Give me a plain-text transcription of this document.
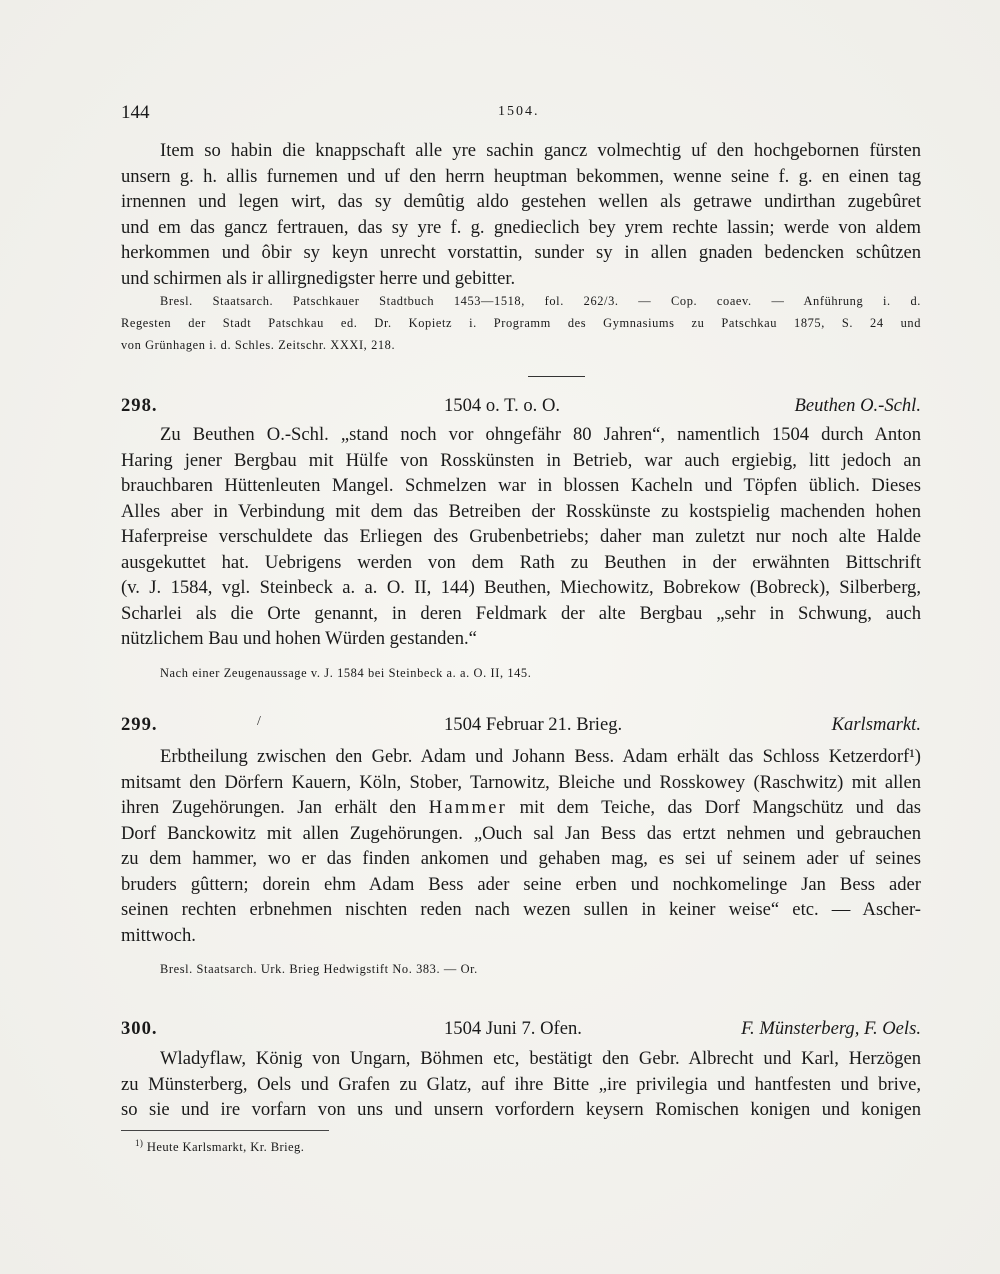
144	1504.
Item so habin die knappschaft alle yre sachin gancz volmechtig uf den hochgebornen fürsten
unsern g. h. allis furnemen und uf den herrn heuptman bekommen, wenne seine f. g. en einen tag
irnennen und legen wirt, das sy demûtig aldo gestehen wellen als getrawe undirthan zugebûret
und em das gancz fertrauen, das sy yre f. g. gnedieclich bey yrem rechte lassin; werde von aldem
herkommen und ôbir sy keyn unrecht vorstattin, sunder sy in allen gnaden bedencken schûtzen
und schirmen als ir allirgnedigster herre und gebitter.
Bresl. Staatsarch. Patschkauer Stadtbuch 1453—1518, fol. 262/3. — Cop. coaev. — Anführung i. d.
Regesten der Stadt Patschkau ed. Dr. Kopietz i. Programm des Gymnasiums zu Patschkau 1875, S. 24 und
von Grünhagen i. d. Schles. Zeitschr. XXXI, 218.
298.	1504 o. T. o. O.	Beuthen O.-Schl.
Zu Beuthen O.-Schl. „stand noch vor ohngefähr 80 Jahren“, namentlich 1504 durch Anton
Haring jener Bergbau mit Hülfe von Rosskünsten in Betrieb, war auch ergiebig, litt jedoch an
brauchbaren Hüttenleuten Mangel. Schmelzen war in blossen Kacheln und Töpfen üblich. Dieses
Alles aber in Verbindung mit dem das Betreiben der Rosskünste zu kostspielig machenden hohen
Haferpreise verschuldete das Erliegen des Grubenbetriebs; daher man zuletzt nur noch alte Halde
ausgekuttet hat. Uebrigens werden von dem Rath zu Beuthen in der erwähnten Bittschrift
(v. J. 1584, vgl. Steinbeck a. a. O. II, 144) Beuthen, Miechowitz, Bobrekow (Bobreck), Silberberg,
Scharlei als die Orte genannt, in deren Feldmark der alte Bergbau „sehr in Schwung, auch
nützlichem Bau und hohen Würden gestanden.“
Nach einer Zeugenaussage v. J. 1584 bei Steinbeck a. a. O. II, 145.
299.	/	1504 Februar 21. Brieg.	Karlsmarkt.
Erbtheilung zwischen den Gebr. Adam und Johann Bess. Adam erhält das Schloss Ketzerdorf¹)
mitsamt den Dörfern Kauern, Köln, Stober, Tarnowitz, Bleiche und Rosskowey (Raschwitz) mit allen
ihren Zugehörungen. Jan erhält den Hammer mit dem Teiche, das Dorf Mangschütz und das
Dorf Banckowitz mit allen Zugehörungen. „Ouch sal Jan Bess das ertzt nehmen und gebrauchen
zu dem hammer, wo er das finden ankomen und gehaben mag, es sei uf seinem ader uf seines
bruders gûttern; dorein ehm Adam Bess ader seine erben und nochkomelinge Jan Bess ader
seinen rechten erbnehmen nischten reden nach wezen sullen in keiner weise“ etc. — Ascher-
mittwoch.
Bresl. Staatsarch. Urk. Brieg Hedwigstift No. 383. — Or.
300.	1504 Juni 7. Ofen.	F. Münsterberg, F. Oels.
Wladyflaw, König von Ungarn, Böhmen etc, bestätigt den Gebr. Albrecht und Karl, Herzögen
zu Münsterberg, Oels und Grafen zu Glatz, auf ihre Bitte „ire privilegia und hantfesten und brive,
so sie und ire vorfarn von uns und unsern vorfordern keysern Romischen konigen und konigen
$^{1)}$ Heute Karlsmarkt, Kr. Brieg.
